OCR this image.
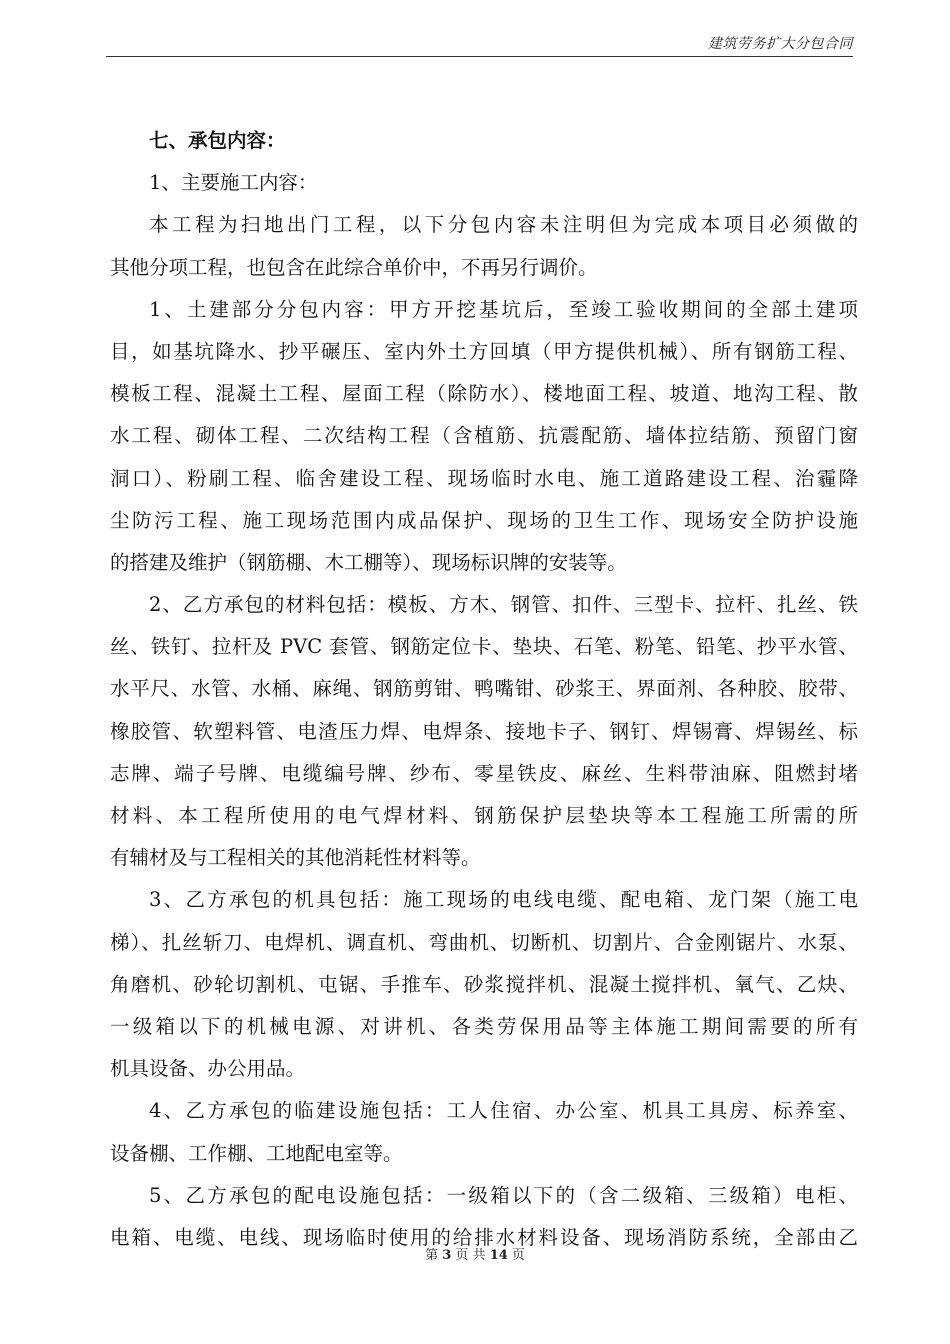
建筑劳务扩大分包合同
七、承包内容：
1、主要施工内容：
本工程为扫地出门工程，以下分包内容未注明但为完成本项目必须做的
其他分项工程，也包含在此综合单价中，不再另行调价。
1、土建部分分包内容：甲方开挖基坑后，至竣工验收期间的全部土建项
目，如基坑降水、抄平碾压、室内外土方回填（甲方提供机械）、所有钢筋工程、
模板工程、混凝土工程、屋面工程（除防水）、楼地面工程、坡道、地沟工程、散
水工程、砌体工程、二次结构工程（含植筋、抗震配筋、墙体拉结筋、预留门窗
洞口）、粉刷工程、临舍建设工程、现场临时水电、施工道路建设工程、治霾降
尘防污工程、施工现场范围内成品保护、现场的卫生工作、现场安全防护设施
的搭建及维护（钢筋棚、木工棚等）、现场标识牌的安装等。
2、乙方承包的材料包括：模板、方木、钢管、扣件、三型卡、拉杆、扎丝、铁
丝、铁钉、拉杆及 PVC 套管、钢筋定位卡、垫块、石笔、粉笔、铅笔、抄平水管、
水平尺、水管、水桶、麻绳、钢筋剪钳、鸭嘴钳、砂浆王、界面剂、各种胶、胶带、
橡胶管、软塑料管、电渣压力焊、电焊条、接地卡子、钢钉、焊锡膏、焊锡丝、标
志牌、端子号牌、电缆编号牌、纱布、零星铁皮、麻丝、生料带油麻、阻燃封堵
材料、本工程所使用的电气焊材料、钢筋保护层垫块等本工程施工所需的所
有辅材及与工程相关的其他消耗性材料等。
3、乙方承包的机具包括：施工现场的电线电缆、配电箱、龙门架（施工电
梯）、扎丝斩刀、电焊机、调直机、弯曲机、切断机、切割片、合金刚锯片、水泵、
角磨机、砂轮切割机、屯锯、手推车、砂浆搅拌机、混凝土搅拌机、氧气、乙炔、
一级箱以下的机械电源、对讲机、各类劳保用品等主体施工期间需要的所有
机具设备、办公用品。
4、乙方承包的临建设施包括：工人住宿、办公室、机具工具房、标养室、
设备棚、工作棚、工地配电室等。
5、乙方承包的配电设施包括：一级箱以下的（含二级箱、三级箱）电柜、
电箱、电缆、电线、现场临时使用的给排水材料设备、现场消防系统，全部由乙
第 3 页 共 14 页
